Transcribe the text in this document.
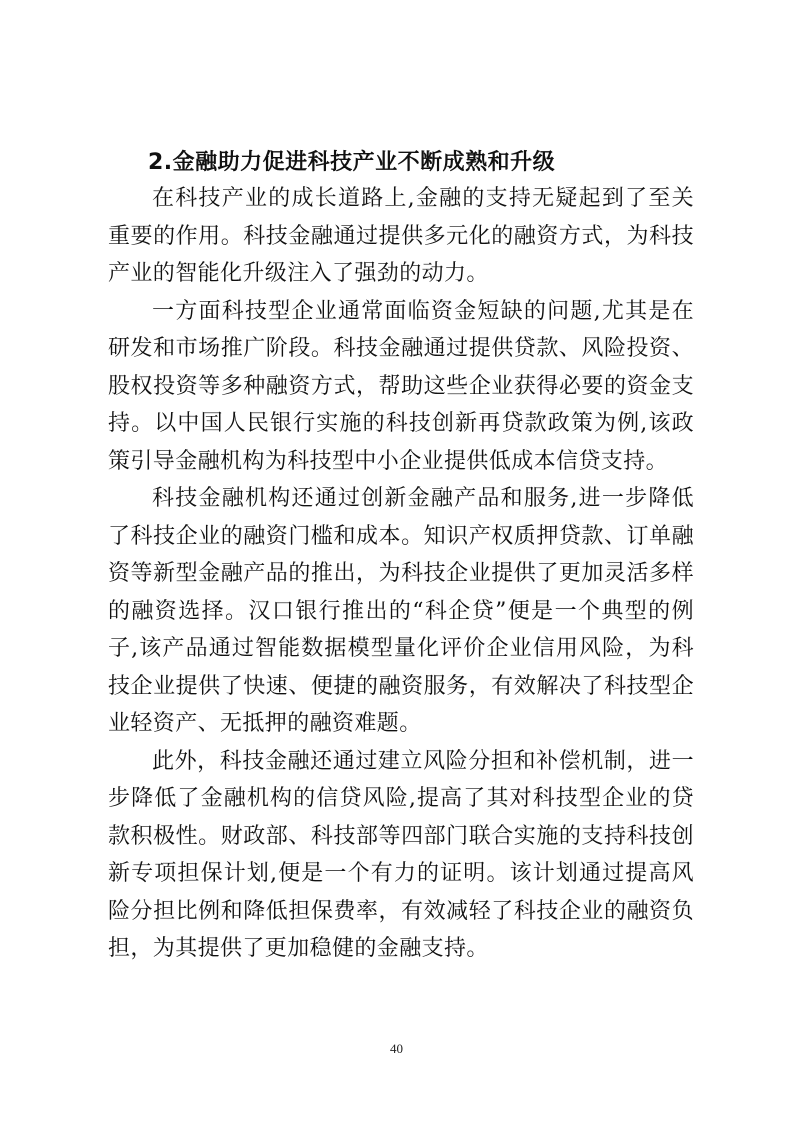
2.金融助力促进科技产业不断成熟和升级

在科技产业的成长道路上,金融的支持无疑起到了至关重要的作用。科技金融通过提供多元化的融资方式，为科技产业的智能化升级注入了强劲的动力。

一方面科技型企业通常面临资金短缺的问题,尤其是在研发和市场推广阶段。科技金融通过提供贷款、风险投资、股权投资等多种融资方式，帮助这些企业获得必要的资金支持。以中国人民银行实施的科技创新再贷款政策为例,该政策引导金融机构为科技型中小企业提供低成本信贷支持。

科技金融机构还通过创新金融产品和服务,进一步降低了科技企业的融资门槛和成本。知识产权质押贷款、订单融资等新型金融产品的推出，为科技企业提供了更加灵活多样的融资选择。汉口银行推出的“科企贷”便是一个典型的例子,该产品通过智能数据模型量化评价企业信用风险，为科技企业提供了快速、便捷的融资服务，有效解决了科技型企业轻资产、无抵押的融资难题。

此外，科技金融还通过建立风险分担和补偿机制，进一步降低了金融机构的信贷风险,提高了其对科技型企业的贷款积极性。财政部、科技部等四部门联合实施的支持科技创新专项担保计划,便是一个有力的证明。该计划通过提高风险分担比例和降低担保费率，有效减轻了科技企业的融资负担，为其提供了更加稳健的金融支持。

40
